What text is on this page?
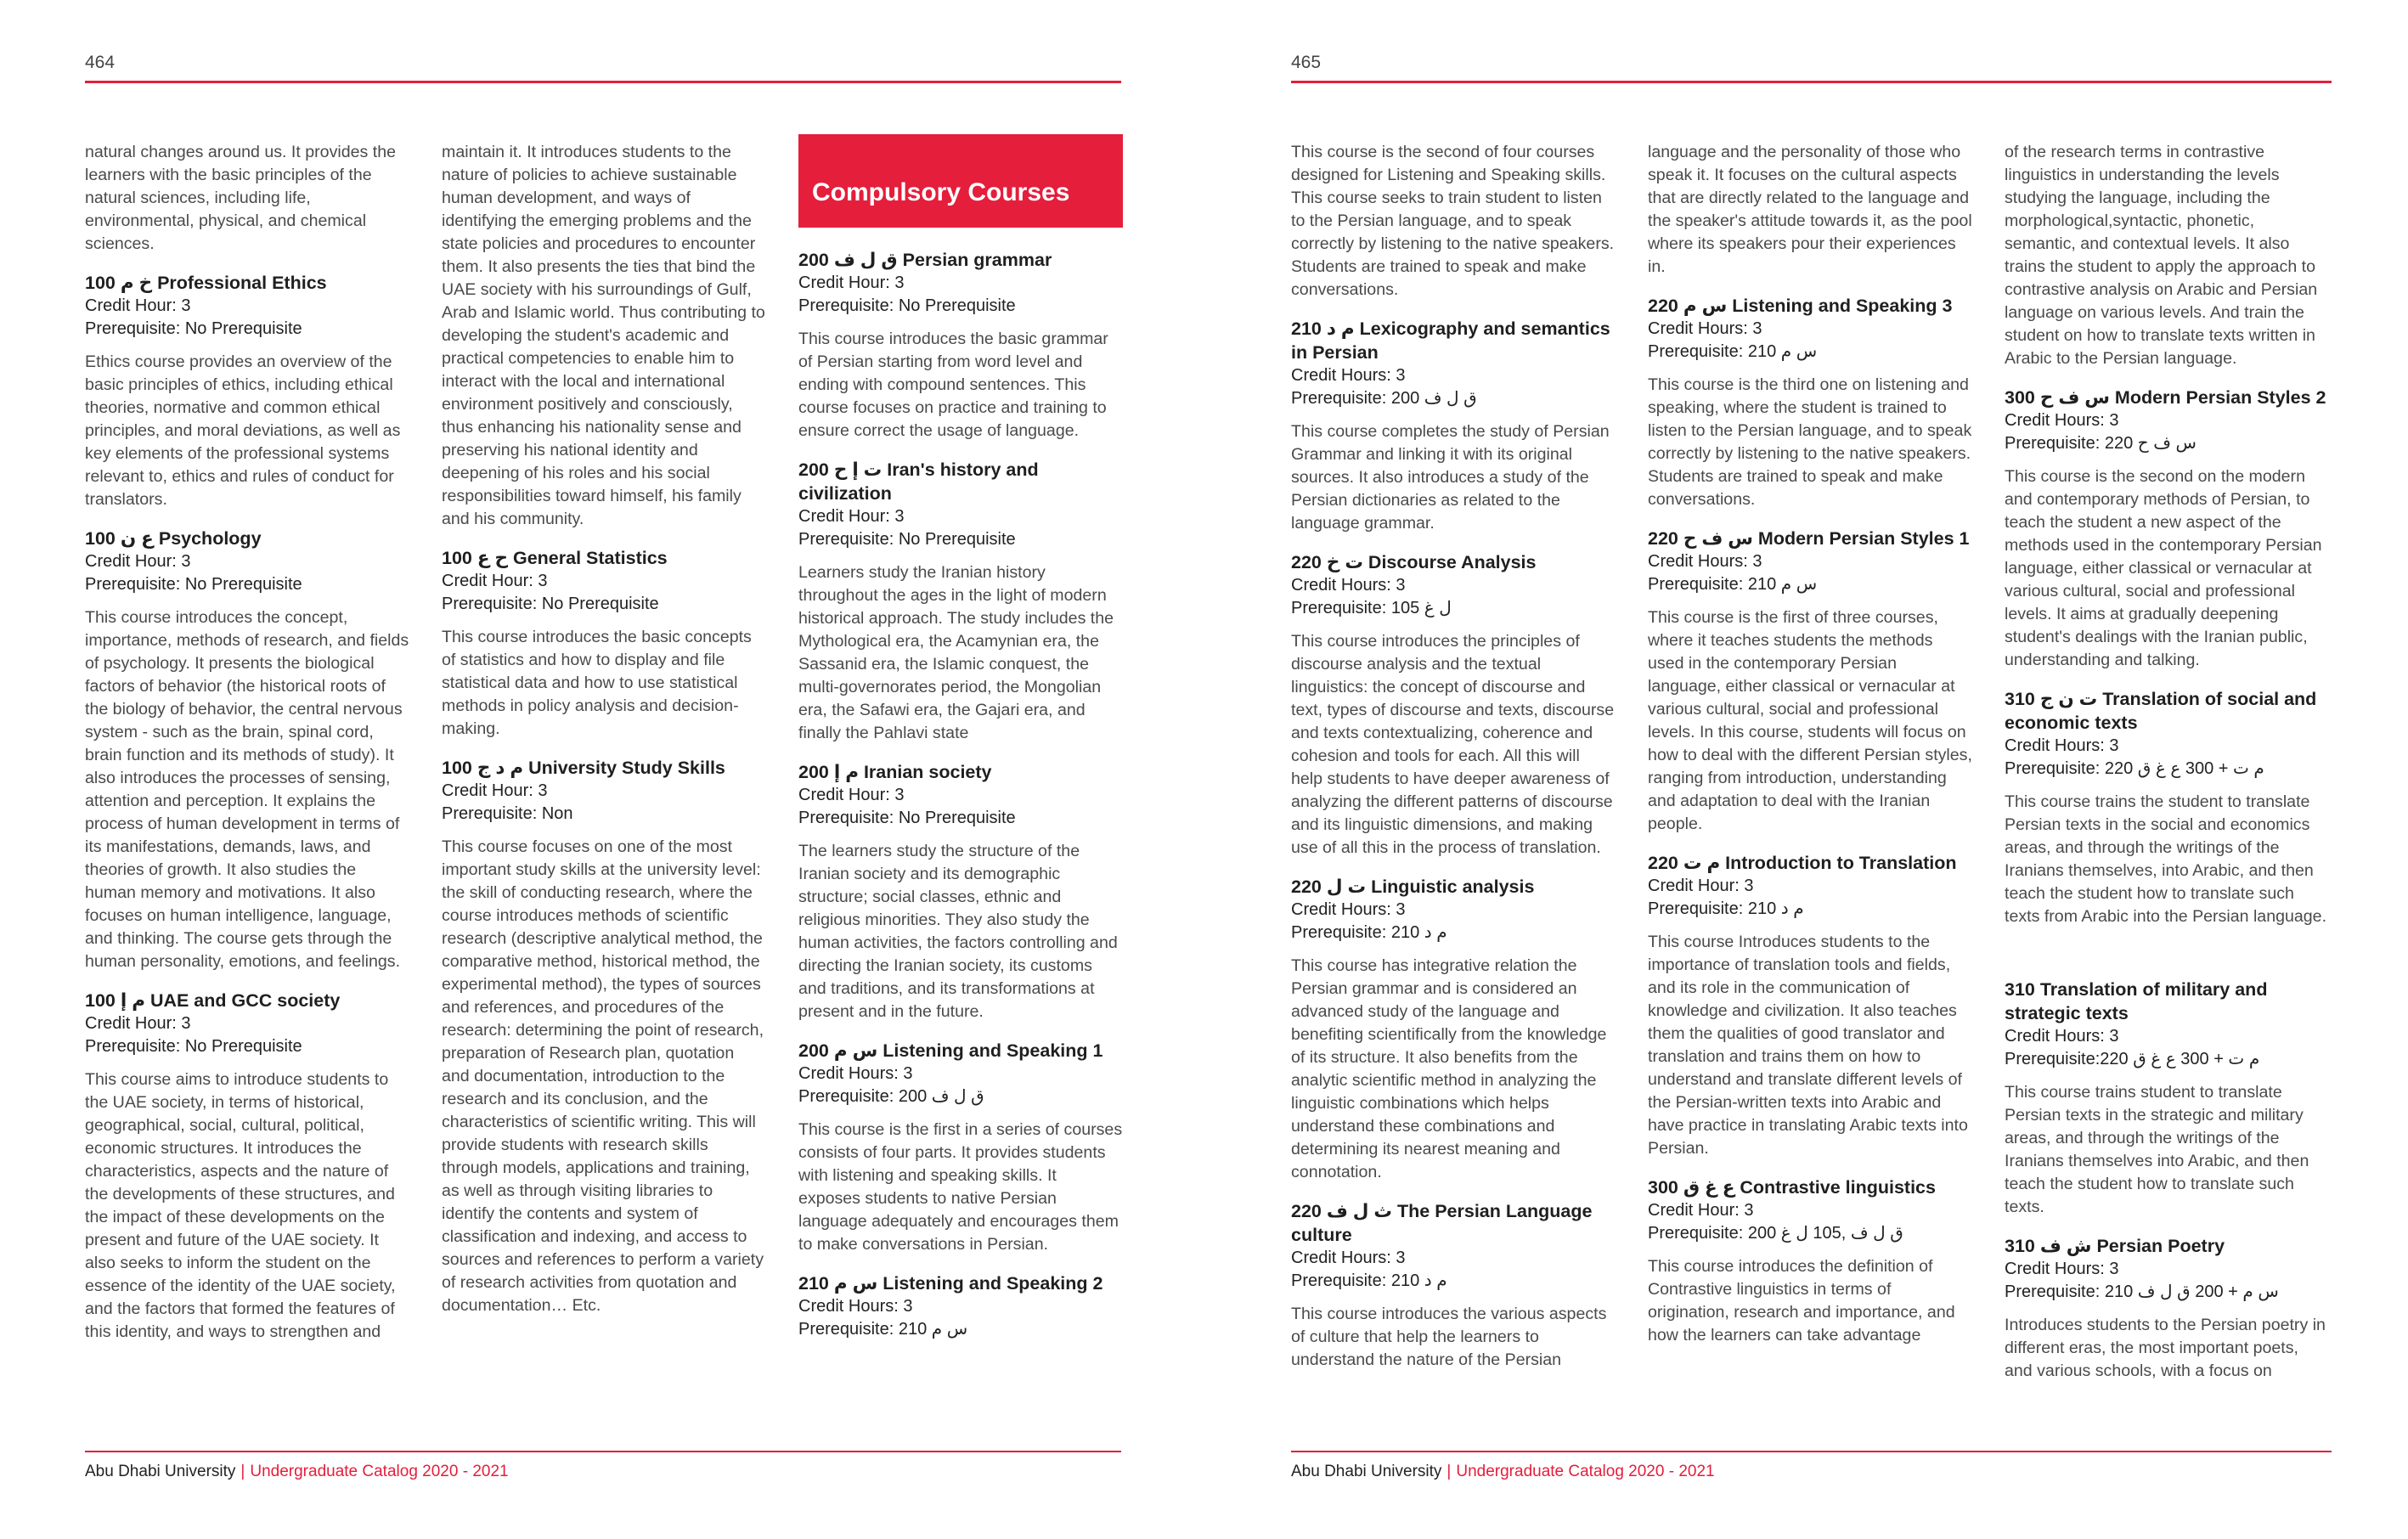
464

natural changes around us. It provides the learners with the basic principles of the natural sciences, including life, environmental, physical, and chemical sciences.

100 خ م Professional Ethics

Credit Hour: 3

Prerequisite: No Prerequisite

Ethics course provides an overview of the basic principles of ethics, including ethical theories, normative and common ethical principles, and moral deviations, as well as key elements of the professional systems relevant to, ethics and rules of conduct for translators.

100 ع ن Psychology

Credit Hour: 3

Prerequisite: No Prerequisite

This course introduces the concept, importance, methods of research, and fields of psychology. It presents the biological factors of behavior (the historical roots of the biology of behavior, the central nervous system - such as the brain, spinal cord, brain function and its methods of study). It also introduces the processes of sensing, attention and perception. It explains the process of human development in terms of its manifestations, demands, laws, and theories of growth. It also studies the human memory and motivations. It also focuses on human intelligence, language, and thinking. The course gets through the human personality, emotions, and feelings.

100 م إ UAE and GCC society

Credit Hour: 3

Prerequisite: No Prerequisite

This course aims to introduce students to the UAE society, in terms of historical, geographical, social, cultural, political, economic structures. It introduces the characteristics, aspects and the nature of the developments of these structures, and the impact of these developments on the present and future of the UAE society. It also seeks to inform the student on the essence of the identity of the UAE society, and the factors that formed the features of this identity, and ways to strengthen and

maintain it. It introduces students to the nature of policies to achieve sustainable human development, and ways of identifying the emerging problems and the state policies and procedures to encounter them. It also presents the ties that bind the UAE society with his surroundings of Gulf, Arab and Islamic world. Thus contributing to developing the student's academic and practical competencies to enable him to interact with the local and international environment positively and consciously, thus enhancing his nationality sense and preserving his national identity and deepening of his roles and his social responsibilities toward himself, his family and his community.

100 ح ع General Statistics

Credit Hour: 3

Prerequisite: No Prerequisite

This course introduces the basic concepts of statistics and how to display and file statistical data and how to use statistical methods in policy analysis and decision-making.

100 م د ج University Study Skills

Credit Hour: 3

Prerequisite: Non

This course focuses on one of the most important study skills at the university level: the skill of conducting research, where the course introduces methods of scientific research (descriptive analytical method, the comparative method, historical method, the experimental method), the types of sources and references, and procedures of the research: determining the point of research, preparation of Research plan, quotation and documentation, introduction to the research and its conclusion, and the characteristics of scientific writing. This will provide students with research skills through models, applications and training, as well as through visiting libraries to identify the contents and system of classification and indexing, and access to sources and references to perform a variety of research activities from quotation and documentation… Etc.

Compulsory Courses

200 ق ل ف Persian grammar

Credit Hour: 3

Prerequisite: No Prerequisite

This course introduces the basic grammar of Persian starting from word level and ending with compound sentences. This course focuses on practice and training to ensure correct the usage of language.

200 ت إ ح Iran's history and civilization

Credit Hour: 3

Prerequisite: No Prerequisite

Learners study the Iranian history throughout the ages in the light of modern historical approach. The study includes the Mythological era, the Acamynian era, the Sassanid era, the Islamic conquest, the multi-governorates period, the Mongolian era, the Safawi era, the Gajari era, and finally the Pahlavi state

200 م إ Iranian society

Credit Hour: 3

Prerequisite: No Prerequisite

The learners study the structure of the Iranian society and its demographic structure; social classes, ethnic and religious minorities. They also study the human activities, the factors controlling and directing the Iranian society, its customs and traditions, and its transformations at present and in the future.

200 س م Listening and Speaking 1

Credit Hours: 3

Prerequisite: 200 ق ل ف

This course is the first in a series of courses consists of four parts. It provides students with listening and speaking skills. It exposes students to native Persian language adequately and encourages them to make conversations in Persian.

210 س م Listening and Speaking 2

Credit Hours: 3

Prerequisite: 210 س م

Abu Dhabi University | Undergraduate Catalog 2020 - 2021
465

This course is the second of four courses designed for Listening and Speaking skills. This course seeks to train student to listen to the Persian language, and to speak correctly by listening to the native speakers. Students are trained to speak and make conversations.

210 م د Lexicography and semantics in Persian

Credit Hours: 3

Prerequisite: 200 ق ل ف

This course completes the study of Persian Grammar and linking it with its original sources. It also introduces a study of the Persian dictionaries as related to the language grammar.

220 ت خ Discourse Analysis

Credit Hours: 3

Prerequisite: 105 ل غ

This course introduces the principles of discourse analysis and the textual linguistics: the concept of discourse and text, types of discourse and texts, discourse and texts contextualizing, coherence and cohesion and tools for each. All this will help students to have deeper awareness of analyzing the different patterns of discourse and its linguistic dimensions, and making use of all this in the process of translation.

220 ت ل Linguistic analysis

Credit Hours: 3

Prerequisite: 210 م د

This course has integrative relation the Persian grammar and is considered an advanced study of the language and benefiting scientifically from the knowledge of its structure. It also benefits from the analytic scientific method in analyzing the linguistic combinations which helps understand these combinations and determining its nearest meaning and connotation.

220 ث ل ف The Persian Language culture

Credit Hours: 3

Prerequisite: 210 م د

This course introduces the various aspects of culture that help the learners to understand the nature of the Persian

language and the personality of those who speak it. It focuses on the cultural aspects that are directly related to the language and the speaker's attitude towards it, as the pool where its speakers pour their experiences in.

220 س م Listening and Speaking 3

Credit Hours: 3

Prerequisite: 210 س م

This course is the third one on listening and speaking, where the student is trained to listen to the Persian language, and to speak correctly by listening to the native speakers. Students are trained to speak and make conversations.

220 س ف ح Modern Persian Styles 1

Credit Hours: 3

Prerequisite: 210 س م

This course is the first of three courses, where it teaches students the methods used in the contemporary Persian language, either classical or vernacular at various cultural, social and professional levels. In this course, students will focus on how to deal with the different Persian styles, ranging from introduction, understanding and adaptation to deal with the Iranian people.

220 م ت Introduction to Translation

Credit Hour: 3

Prerequisite: 210 م د

This course Introduces students to the importance of translation tools and fields, and its role in the communication of knowledge and civilization. It also teaches them the qualities of good translator and translation and trains them on how to understand and translate different levels of the Persian-written texts into Arabic and have practice in translating Arabic texts into Persian.

300 ع غ ق Contrastive linguistics

Credit Hour: 3

Prerequisite: 200 ق ل ف ,105 ل غ

This course introduces the definition of Contrastive linguistics in terms of origination, research and importance, and how the learners can take advantage

of the research terms in contrastive linguistics in understanding the levels studying the language, including the morphological,syntactic, phonetic, semantic, and contextual levels. It also trains the student to apply the approach to contrastive analysis on Arabic and Persian language on various levels. And train the student on how to translate texts written in Arabic to the Persian language.

300 س ف ح Modern Persian Styles 2

Credit Hours: 3

Prerequisite: 220 س ف ح

This course is the second on the modern and contemporary methods of Persian, to teach the student a new aspect of the methods used in the contemporary Persian language, either classical or vernacular at various cultural, social and professional levels. It aims at gradually deepening student's dealings with the Iranian public, understanding and talking.

310 ت ن ج Translation of social and economic texts

Credit Hours: 3

Prerequisite: 220 م ت + 300 ع غ ق

This course trains the student to translate Persian texts in the social and economics areas, and through the writings of the Iranians themselves, into Arabic, and then teach the student how to translate such texts from Arabic into the Persian language.

310 Translation of military and strategic texts

Credit Hours: 3

Prerequisite:220 م ت + 300 ع غ ق

This course trains student to translate Persian texts in the strategic and military areas, and through the writings of the Iranians themselves into Arabic, and then teach the student how to translate such texts.

310 ش ف Persian Poetry

Credit Hours: 3

Prerequisite: 210 س م + 200 ق ل ف

Introduces students to the Persian poetry in different eras, the most important poets, and various schools, with a focus on

Abu Dhabi University | Undergraduate Catalog 2020 - 2021
